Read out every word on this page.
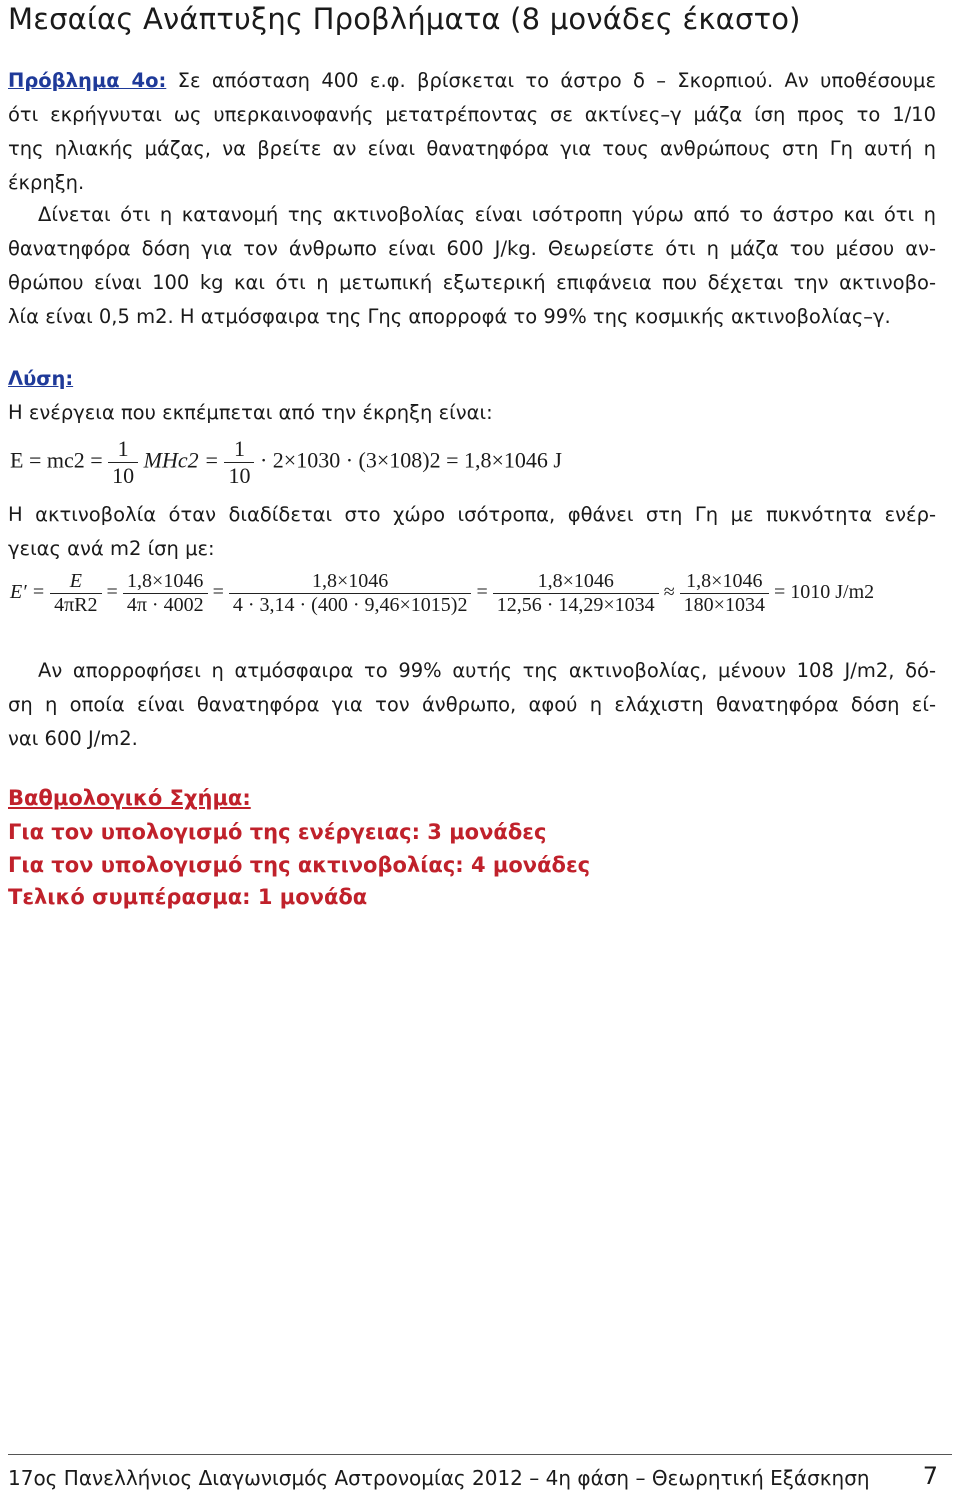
Μεσαίας Ανάπτυξης Προβλήματα (8 μονάδες έκαστο)
Πρόβλημα 4ο: Σε απόσταση 400 ε.φ. βρίσκεται το άστρο δ – Σκορπιού. Αν υποθέσουμε
ότι εκρήγνυται ως υπερκαινοφανής μετατρέποντας σε ακτίνες–γ μάζα ίση προς το 1/10
της ηλιακής μάζας, να βρείτε αν είναι θανατηφόρα για τους ανθρώπους στη Γη αυτή η
έκρηξη.
Δίνεται ότι η κατανομή της ακτινοβολίας είναι ισότροπη γύρω από το άστρο και ότι η
θανατηφόρα δόση για τον άνθρωπο είναι 600 J/kg. Θεωρείστε ότι η μάζα του μέσου αν-
θρώπου είναι 100 kg και ότι η μετωπική εξωτερική επιφάνεια που δέχεται την ακτινοβο-
λία είναι 0,5 m2. Η ατμόσφαιρα της Γης απορροφά το 99% της κοσμικής ακτινοβολίας–γ.
Λύση:
Η ενέργεια που εκπέμπεται από την έκρηξη είναι:
$E = mc2 = \frac{1}{10} MHc2 = \frac{1}{10} \cdot 2\times 1030 \cdot (3\times 108)2 = 1,8\times 1046$ J
Η ακτινοβολία όταν διαδίδεται στο χώρο ισότροπα, φθάνει στη Γη με πυκνότητα ενέρ-
γειας ανά m2 ίση με:
$E' = \frac{E}{4\pi R2} = \frac{1,8\times 1046}{4\pi \cdot 4002} = \frac{1,8\times 1046}{4 \cdot 3,14 \cdot (400 \cdot 9,46\times 1015)2} = \frac{1,8\times 1046}{12,56 \cdot 14,29\times 1034} \approx \frac{1,8\times 1046}{180\times 1034} = 1010$ J/m2
Αν απορροφήσει η ατμόσφαιρα το 99% αυτής της ακτινοβολίας, μένουν 108 J/m2, δό-
ση η οποία είναι θανατηφόρα για τον άνθρωπο, αφού η ελάχιστη θανατηφόρα δόση εί-
ναι 600 J/m2.
Βαθμολογικό Σχήμα:
Για τον υπολογισμό της ενέργειας: 3 μονάδες
Για τον υπολογισμό της ακτινοβολίας: 4 μονάδες
Τελικό συμπέρασμα: 1 μονάδα
17ος Πανελλήνιος Διαγωνισμός Αστρονομίας 2012 – 4η φάση – Θεωρητική Εξάσκηση 7
